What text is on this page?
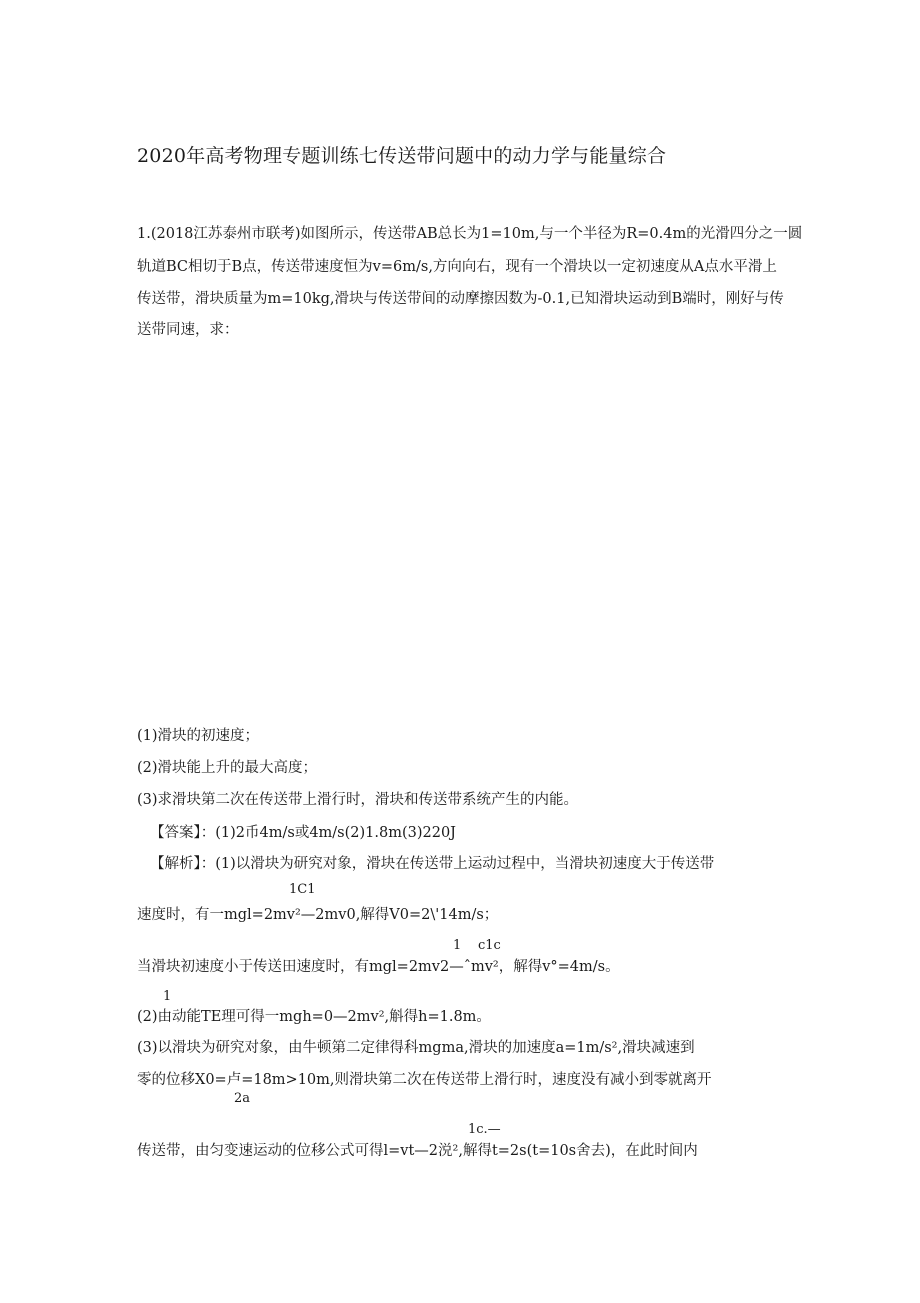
2020年高考物理专题训练七传送带问题中的动力学与能量综合
1.(2018江苏泰州市联考)如图所示，传送带AB总长为1=10m,与一个半径为R=0.4m的光滑四分之一圆
轨道BC相切于B点，传送带速度恒为v=6m/s,方向向右，现有一个滑块以一定初速度从A点水平滑上
传送带，滑块质量为m=10kg,滑块与传送带间的动摩擦因数为-0.1,已知滑块运动到B端时，刚好与传
送带同速，求：
(1)滑块的初速度；
(2)滑块能上升的最大高度；
(3)求滑块第二次在传送带上滑行时，滑块和传送带系统产生的内能。
【答案】：(1)2币4m/s或4m/s(2)1.8m(3)220J
【解析】：(1)以滑块为研究对象，滑块在传送带上运动过程中，当滑块初速度大于传送带
1C1
速度时，有一mgl=2mv²—2mv0,解得V0=2\'14m/s；
1 c1c
当滑块初速度小于传送田速度时，有mgl=2mv2—ˆmv²，解得v°=4m/s。
1
(2)由动能TE理可得一mgh=0—2mv²,斛得h=1.8m。
(3)以滑块为研究对象，由牛顿第二定律得科mgma,滑块的加速度a=1m/s²,滑块减速到
零的位移X0=卢=18m>10m,则滑块第二次在传送带上滑行时，速度没有减小到零就离开
2a
1c.—
传送带，由匀变速运动的位移公式可得l=vt—2涚²,解得t=2s(t=10s舍去)，在此时间内
